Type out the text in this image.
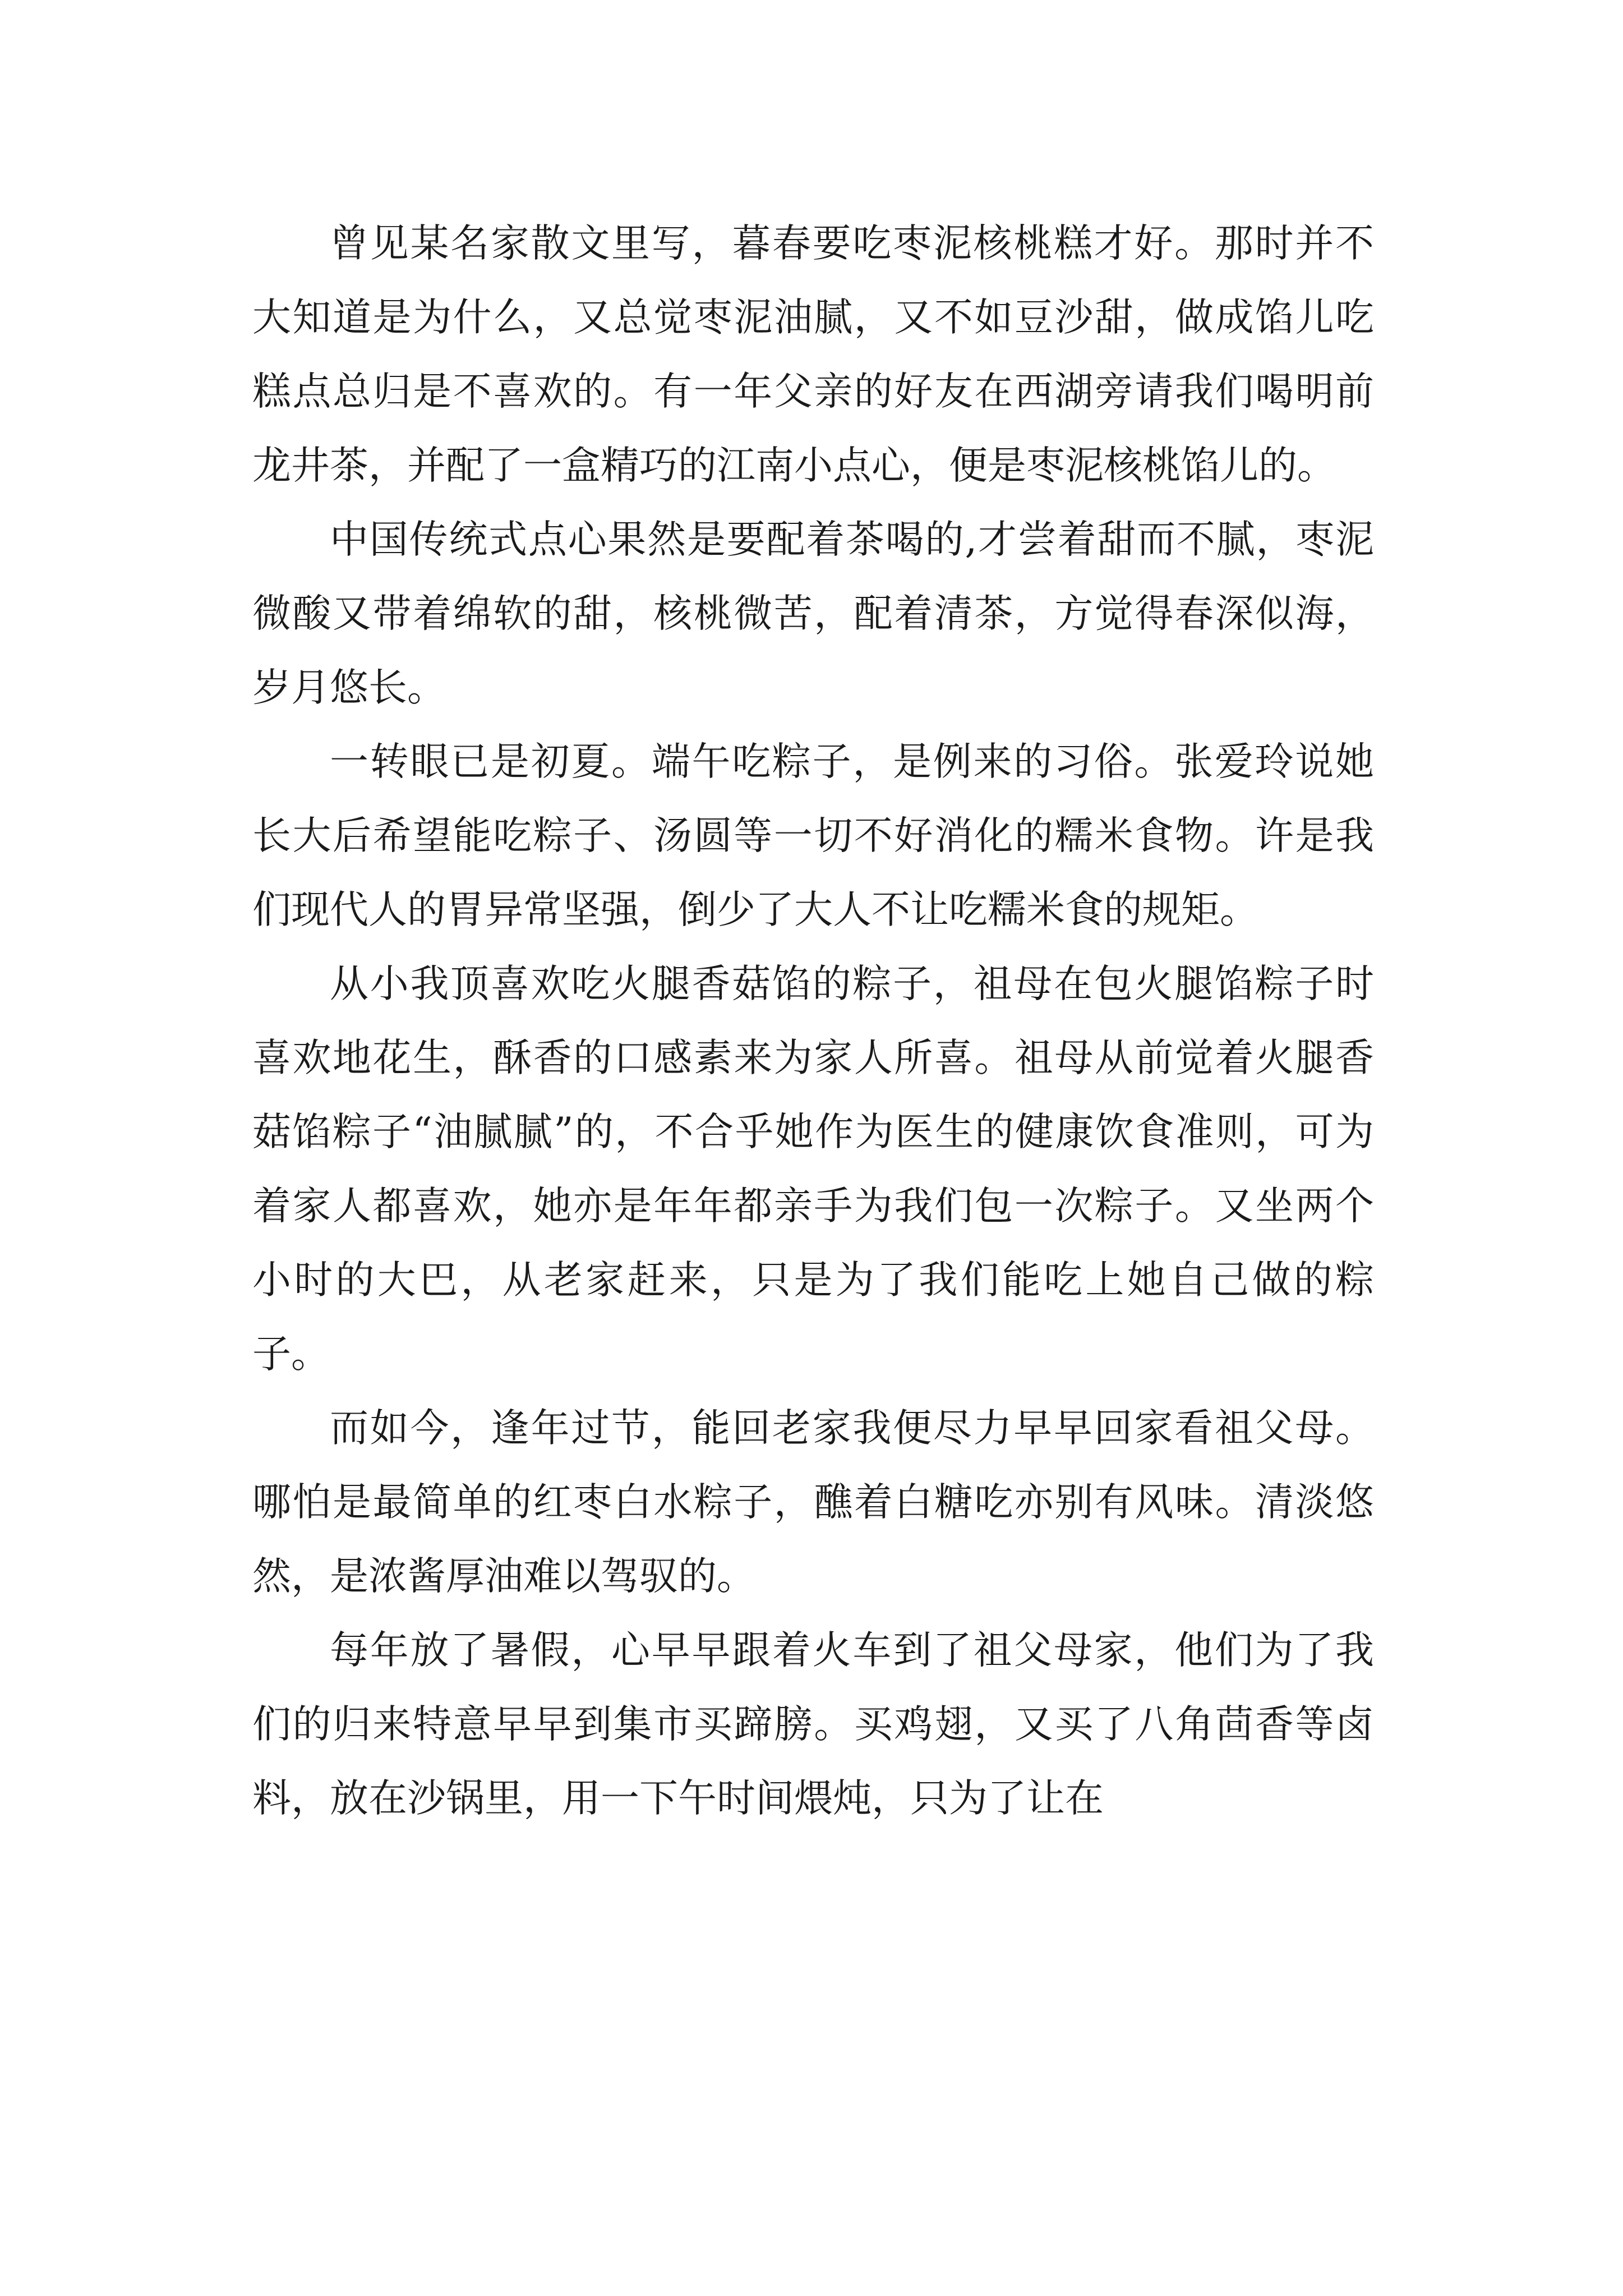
曾见某名家散文里写，暮春要吃枣泥核桃糕才好。那时并不大知道是为什么，又总觉枣泥油腻，又不如豆沙甜，做成馅儿吃糕点总归是不喜欢的。有一年父亲的好友在西湖旁请我们喝明前龙井茶，并配了一盒精巧的江南小点心，便是枣泥核桃馅儿的。

中国传统式点心果然是要配着茶喝的,才尝着甜而不腻，枣泥微酸又带着绵软的甜，核桃微苦，配着清茶，方觉得春深似海，岁月悠长。

一转眼已是初夏。端午吃粽子，是例来的习俗。张爱玲说她长大后希望能吃粽子、汤圆等一切不好消化的糯米食物。许是我们现代人的胃异常坚强，倒少了大人不让吃糯米食的规矩。

从小我顶喜欢吃火腿香菇馅的粽子，祖母在包火腿馅粽子时喜欢地花生，酥香的口感素来为家人所喜。祖母从前觉着火腿香菇馅粽子“油腻腻”的，不合乎她作为医生的健康饮食准则，可为着家人都喜欢，她亦是年年都亲手为我们包一次粽子。又坐两个小时的大巴，从老家赶来，只是为了我们能吃上她自己做的粽子。

而如今，逢年过节，能回老家我便尽力早早回家看祖父母。哪怕是最简单的红枣白水粽子，醮着白糖吃亦别有风味。清淡悠然，是浓酱厚油难以驾驭的。

每年放了暑假，心早早跟着火车到了祖父母家，他们为了我们的归来特意早早到集市买蹄膀。买鸡翅，又买了八角茴香等卤料，放在沙锅里，用一下午时间煨炖，只为了让在
